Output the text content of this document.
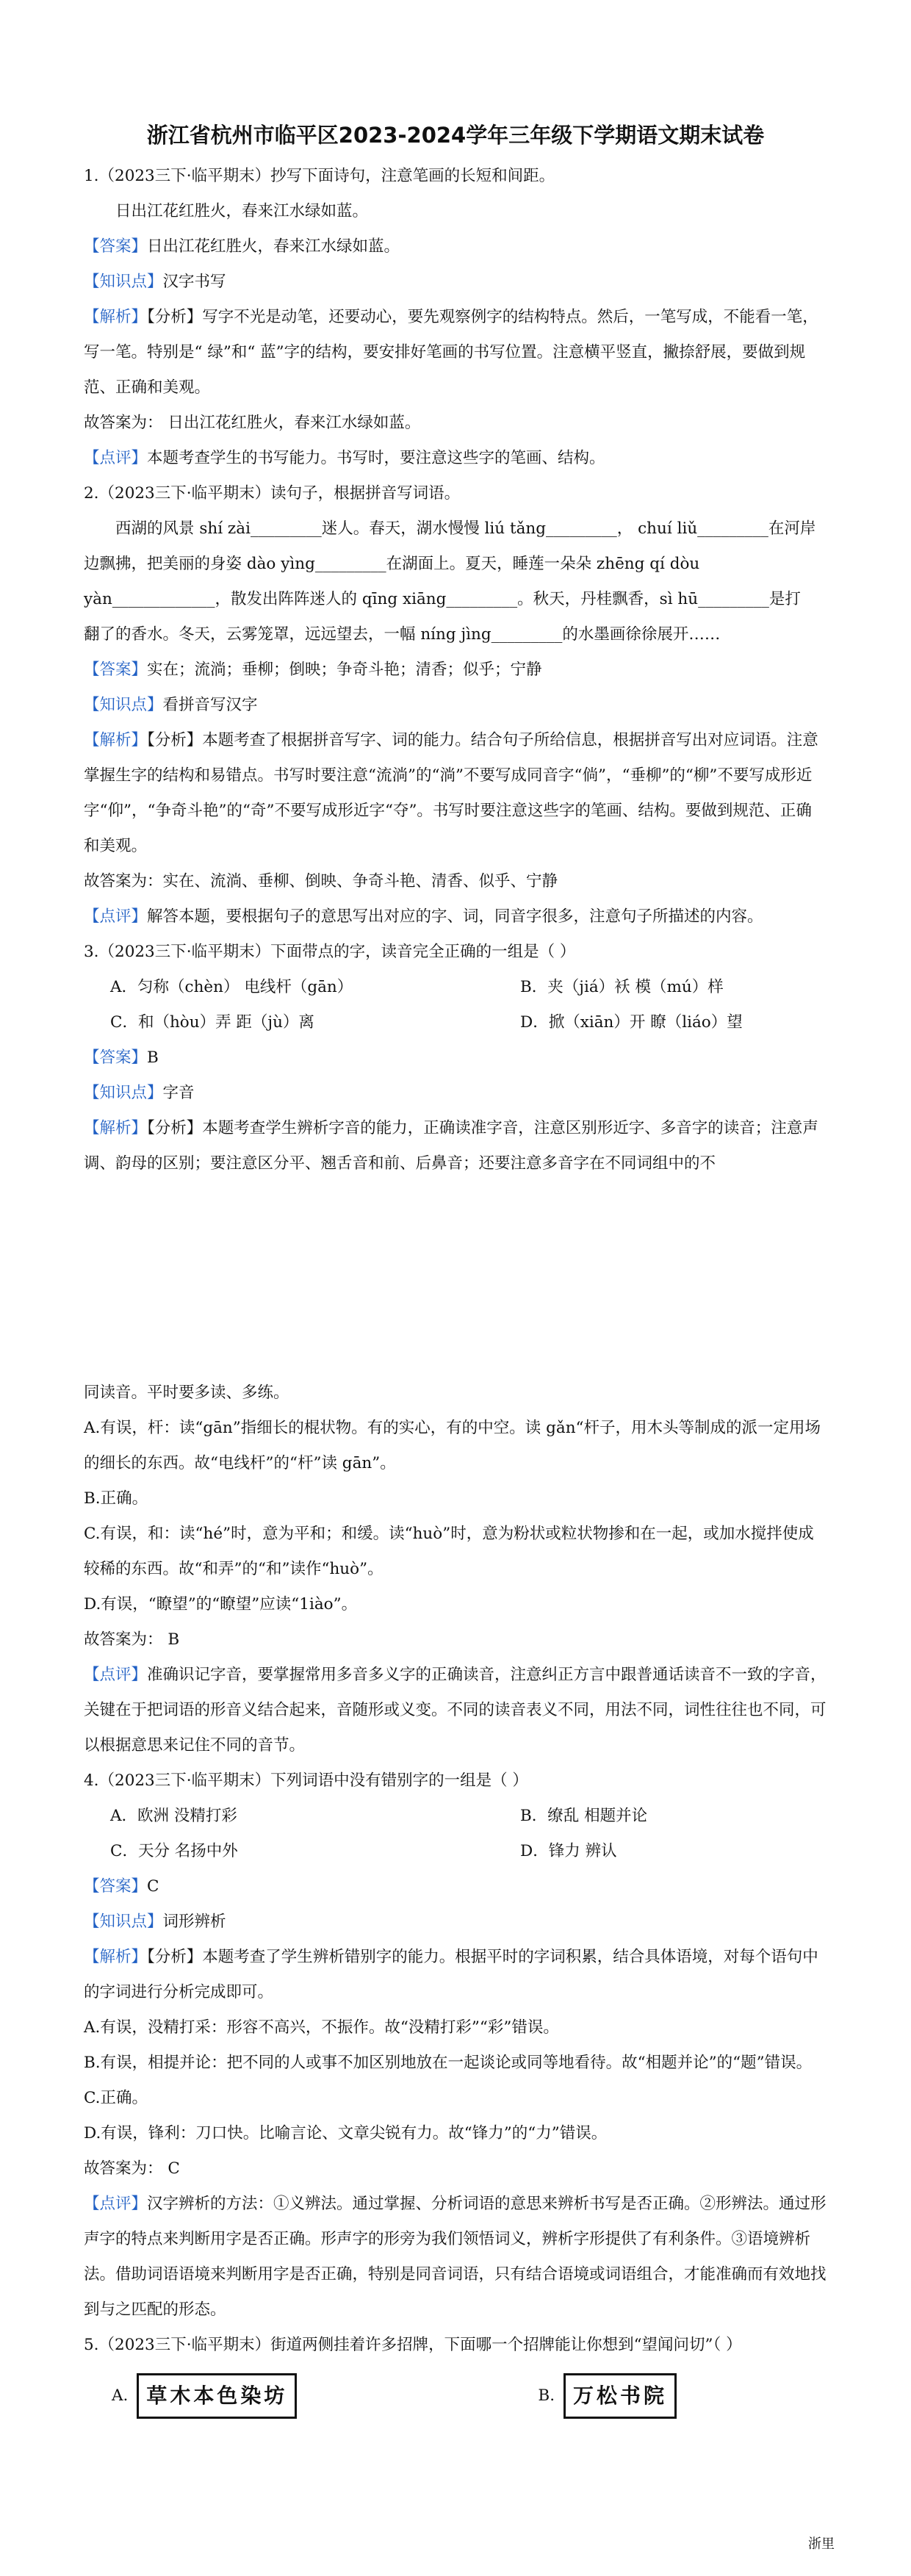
浙江省杭州市临平区2023-2024学年三年级下学期语文期末试卷

1.（2023三下·临平期末）抄写下面诗句，注意笔画的长短和间距。

日出江花红胜火，春来江水绿如蓝。

【答案】日出江花红胜火，春来江水绿如蓝。

【知识点】汉字书写

【解析】【分析】写字不光是动笔，还要动心，要先观察例字的结构特点。然后，一笔写成，不能看一笔，写一笔。特别是“ 绿”和“ 蓝”字的结构，要安排好笔画的书写位置。注意横平竖直，撇捺舒展，要做到规范、正确和美观。

故答案为： 日出江花红胜火，春来江水绿如蓝。

【点评】本题考查学生的书写能力。书写时，要注意这些字的笔画、结构。

2.（2023三下·临平期末）读句子，根据拼音写词语。

西湖的风景 shí zài_________迷人。春天，湖水慢慢 liú tǎng_________， chuí liǔ_________在河岸

边飘拂，把美丽的身姿 dào yìng_________在湖面上。夏天，睡莲一朵朵 zhēng qí dòu

yàn_____________，散发出阵阵迷人的 qīng xiāng_________。秋天，丹桂飘香，sì hū_________是打

翻了的香水。冬天，云雾笼罩，远远望去，一幅 níng jìng_________的水墨画徐徐展开……

【答案】实在；流淌；垂柳；倒映；争奇斗艳；清香；似乎；宁静

【知识点】看拼音写汉字

【解析】【分析】本题考查了根据拼音写字、词的能力。结合句子所给信息，根据拼音写出对应词语。注意掌握生字的结构和易错点。书写时要注意“流淌”的“淌”不要写成同音字“倘”，“垂柳”的“柳”不要写成形近字“仰”，“争奇斗艳”的“奇”不要写成形近字“夺”。书写时要注意这些字的笔画、结构。要做到规范、正确和美观。

故答案为：实在、流淌、垂柳、倒映、争奇斗艳、清香、似乎、宁静

【点评】解答本题，要根据句子的意思写出对应的字、词，同音字很多，注意句子所描述的内容。

3.（2023三下·临平期末）下面带点的字，读音完全正确的一组是（ ）

A．匀称（chèn） 电线杆（gān）	B．夹（jiá）袄 模（mú）样
C．和（hòu）弄 距（jù）离	D．掀（xiān）开 瞭（liáo）望

【答案】B

【知识点】字音

【解析】【分析】本题考查学生辨析字音的能力，正确读准字音，注意区别形近字、多音字的读音；注意声调、韵母的区别；要注意区分平、翘舌音和前、后鼻音；还要注意多音字在不同词组中的不

同读音。平时要多读、多练。

A.有误，杆：读“gān”指细长的棍状物。有的实心，有的中空。读 gǎn“杆子，用木头等制成的派一定用场的细长的东西。故“电线杆”的“杆”读 gān”。

B.正确。

C.有误，和：读“hé”时，意为平和；和缓。读“huò”时，意为粉状或粒状物掺和在一起，或加水搅拌使成较稀的东西。故“和弄”的“和”读作“huò”。

D.有误，“瞭望”的“瞭望”应读“1iào”。

故答案为： B

【点评】准确识记字音，要掌握常用多音多义字的正确读音，注意纠正方言中跟普通话读音不一致的字音，关键在于把词语的形音义结合起来，音随形或义变。不同的读音表义不同，用法不同，词性往往也不同，可以根据意思来记住不同的音节。

4.（2023三下·临平期末）下列词语中没有错别字的一组是（ ）

A．欧洲 没精打彩	B．缭乱 相题并论
C．天分 名扬中外	D．锋力 辨认

【答案】C

【知识点】词形辨析

【解析】【分析】本题考查了学生辨析错别字的能力。根据平时的字词积累，结合具体语境，对每个语句中的字词进行分析完成即可。

A.有误，没精打采：形容不高兴，不振作。故“没精打彩”“彩”错误。

B.有误，相提并论：把不同的人或事不加区别地放在一起谈论或同等地看待。故“相题并论”的“题”错误。

C.正确。

D.有误，锋利：刀口快。比喻言论、文章尖锐有力。故“锋力”的“力”错误。

故答案为： C

【点评】汉字辨析的方法：①义辨法。通过掌握、分析词语的意思来辨析书写是否正确。②形辨法。通过形声字的特点来判断用字是否正确。形声字的形旁为我们领悟词义，辨析字形提供了有利条件。③语境辨析法。借助词语语境来判断用字是否正确，特别是同音词语，只有结合语境或词语组合，才能准确而有效地找到与之匹配的形态。

5.（2023三下·临平期末）街道两侧挂着许多招牌，下面哪一个招牌能让你想到“望闻问切”（ ）

A. 草木本色染坊	B. 万松书院
浙里
